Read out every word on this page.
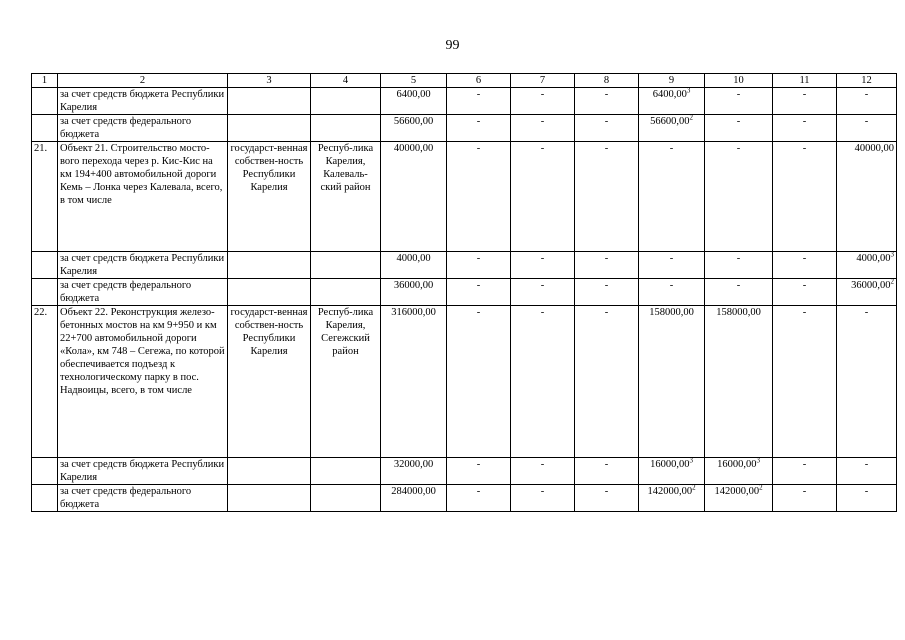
99
1	2	3	4	5	6	7	8	9	10	11	12
	за счет средств бюджета Республики Карелия			6400,00	-	-	-	6400,00$^3$	-	-	-
	за счет средств федерального бюджета			56600,00	-	-	-	56600,00$^2$	-	-	-
21.	Объект 21. Строительство мосто-вого перехода через р. Кис-Кис на км 194+400 автомобильной дороги Кемь – Лонка через Калевала, всего, в том числе	государст-венная собствен-ность Республики Карелия	Респуб-лика Карелия, Калеваль-ский район	40000,00	-	-	-	-	-	-	40000,00
	за счет средств бюджета Республики Карелия			4000,00	-	-	-	-	-	-	4000,00$^3$
	за счет средств федерального бюджета			36000,00	-	-	-	-	-	-	36000,00$^2$
22.	Объект 22. Реконструкция железо-бетонных мостов на км 9+950 и км 22+700 автомобильной дороги «Кола», км 748 – Сегежа, по которой обеспечивается подъезд к технологическому парку в пос. Надвоицы, всего, в том числе	государст-венная собствен-ность Республики Карелия	Респуб-лика Карелия, Сегежский район	316000,00	-	-	-	158000,00	158000,00	-	-
	за счет средств бюджета Республики Карелия			32000,00	-	-	-	16000,00$^3$	16000,00$^3$	-	-
	за счет средств федерального бюджета			284000,00	-	-	-	142000,00$^2$	142000,00$^2$	-	-
